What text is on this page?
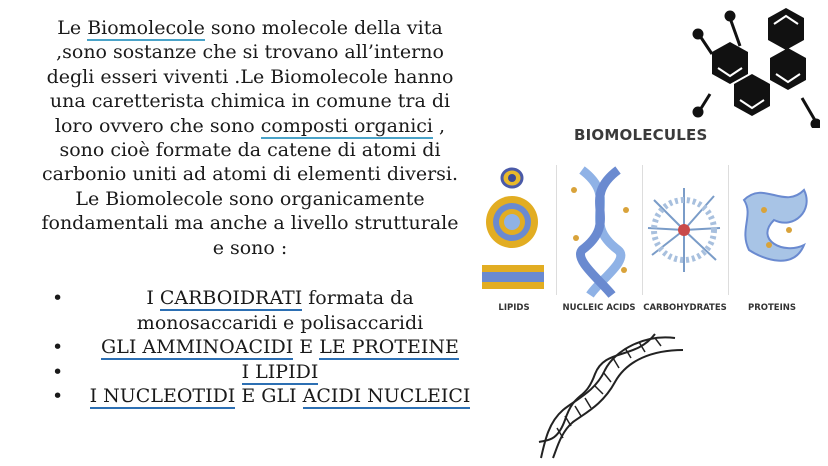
Le Biomolecole sono molecole della vita

,sono sostanze che si trovano all’interno

degli esseri viventi .Le Biomolecole hanno

una caretterista chimica in comune tra di

loro ovvero che sono composti organici ,

sono cioè formate da catene di atomi di

carbonio uniti ad atomi di elementi diversi.

Le Biomolecole sono organicamente

fondamentali ma anche a livello strutturale

e sono :

•	I CARBOIDRATI formata da
monosaccaridi e polisaccaridi
• GLI AMMINOACIDI E LE PROTEINE
•	I LIPIDI
• I NUCLEOTIDI E GLI ACIDI NUCLEICI
BIOMOLECULES
LIPIDS	NUCLEIC ACIDS CARBOHYDRATES	PROTEINS
